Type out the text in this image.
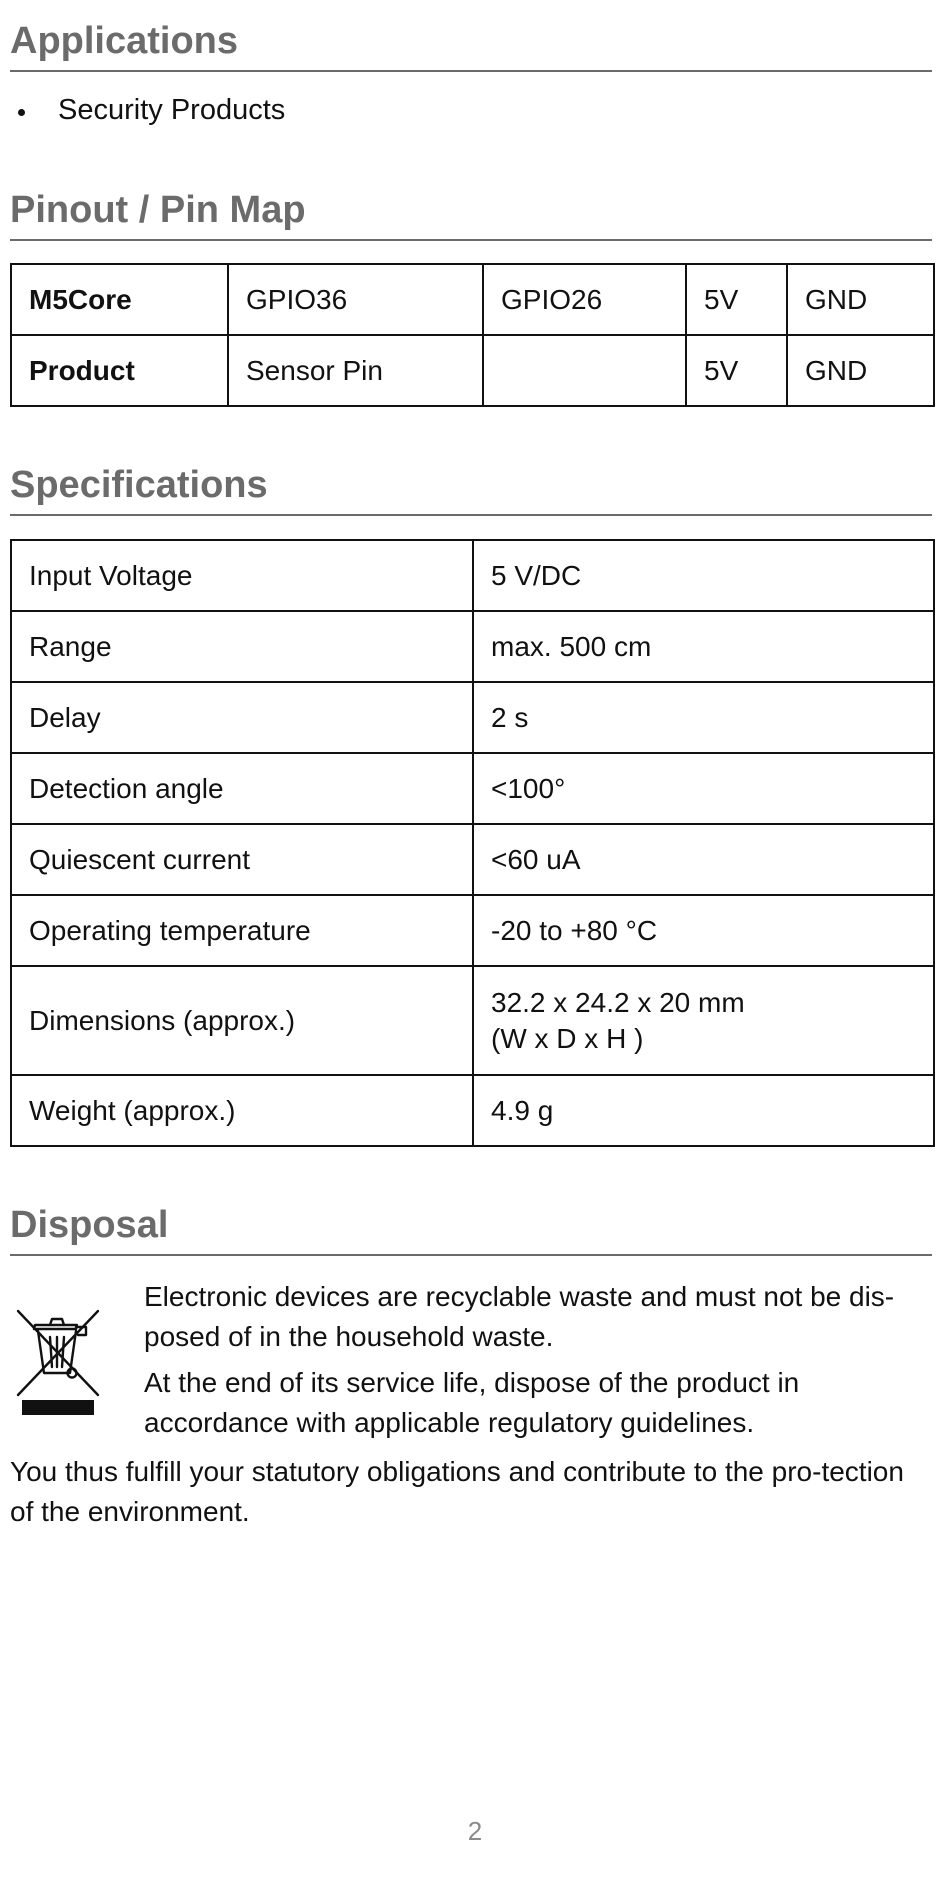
Applications
Security Products
Pinout / Pin Map
M5Core	GPIO36	GPIO26	5V	GND
Product	Sensor Pin		5V	GND
Specifications
Input Voltage	5 V/DC
Range	max. 500 cm
Delay	2 s
Detection angle	<100°
Quiescent current	<60 uA
Operating temperature	-20 to +80 °C
Dimensions (approx.)	32.2 x 24.2 x 20 mm
(W x D x H )

Weight (approx.)	4.9 g
Disposal

Electronic devices are recyclable waste and must not be dis-posed of in the household waste.

At the end of its service life, dispose of the product in accordance with applicable regulatory guidelines.

You thus fulfill your statutory obligations and contribute to the pro-tection of the environment.

2
